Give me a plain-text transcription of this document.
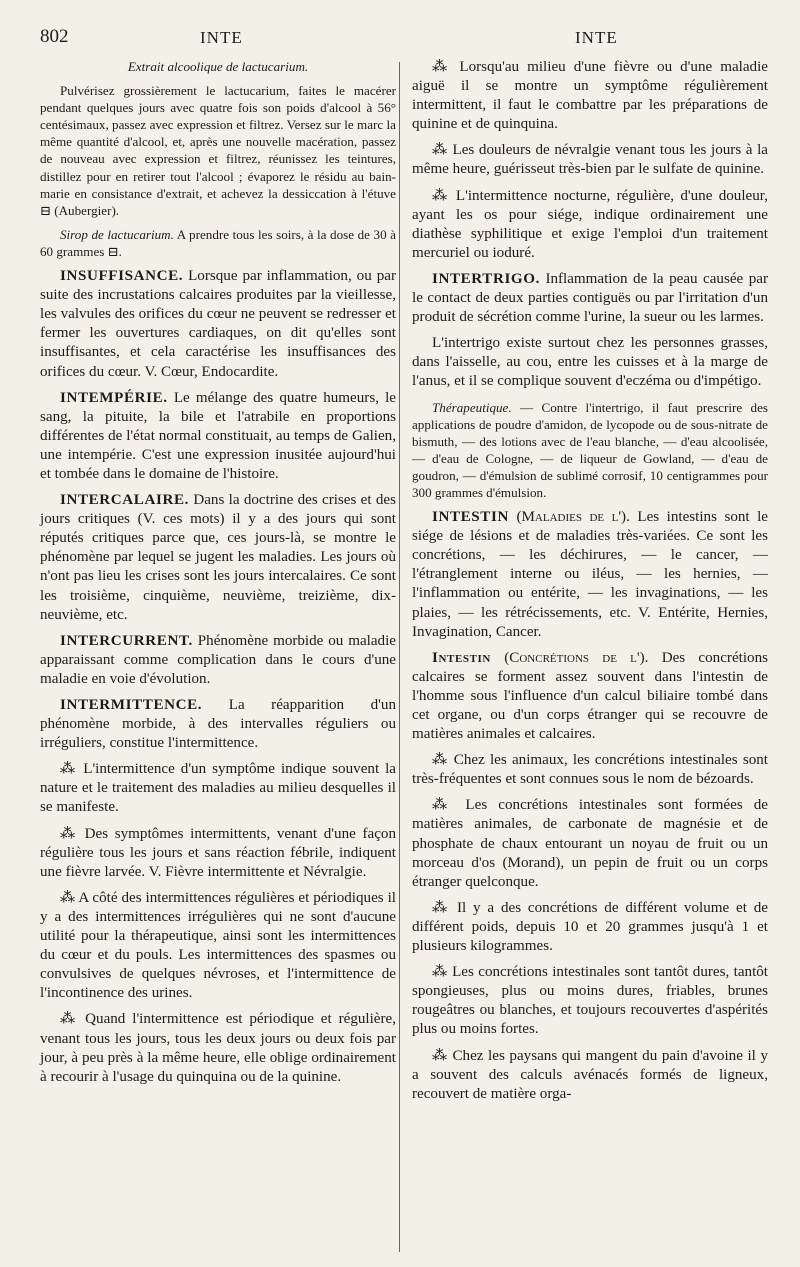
802	INTE	INTE

Extrait alcoolique de lactucarium.

Pulvérisez grossièrement le lactucarium, faites le macérer pendant quelques jours avec quatre fois son poids d'alcool à 56° centésimaux, passez avec expression et filtrez. Versez sur le marc la même quantité d'alcool, et, après une nouvelle macération, passez de nouveau avec expression et filtrez, réunissez les teintures, distillez pour en retirer tout l'alcool ; évaporez le résidu au bain-marie en consistance d'extrait, et achevez la dessiccation à l'étuve ⊟ (Aubergier).

Sirop de lactucarium. A prendre tous les soirs, à la dose de 30 à 60 grammes ⊟.

INSUFFISANCE. Lorsque par inflammation, ou par suite des incrustations calcaires produites par la vieillesse, les valvules des orifices du cœur ne peuvent se redresser et fermer les ouvertures cardiaques, on dit qu'elles sont insuffisantes, et cela caractérise les insuffisances des orifices du cœur. V. Cœur, Endocardite.

INTEMPÉRIE. Le mélange des quatre humeurs, le sang, la pituite, la bile et l'atrabile en proportions différentes de l'état normal constituait, au temps de Galien, une intempérie. C'est une expression inusitée aujourd'hui et tombée dans le domaine de l'histoire.

INTERCALAIRE. Dans la doctrine des crises et des jours critiques (V. ces mots) il y a des jours qui sont réputés critiques parce que, ces jours-là, se montre le phénomène par lequel se jugent les maladies. Les jours où n'ont pas lieu les crises sont les jours intercalaires. Ce sont les troisième, cinquième, neuvième, treizième, dix-neuvième, etc.

INTERCURRENT. Phénomène morbide ou maladie apparaissant comme complication dans le cours d'une maladie en voie d'évolution.

INTERMITTENCE. La réapparition d'un phénomène morbide, à des intervalles réguliers ou irréguliers, constitue l'intermittence.

⁂ L'intermittence d'un symptôme indique souvent la nature et le traitement des maladies au milieu desquelles il se manifeste.

⁂ Des symptômes intermittents, venant d'une façon régulière tous les jours et sans réaction fébrile, indiquent une fièvre larvée. V. Fièvre intermittente et Névralgie.

⁂ A côté des intermittences régulières et périodiques il y a des intermittences irrégulières qui ne sont d'aucune utilité pour la thérapeutique, ainsi sont les intermittences du cœur et du pouls. Les intermittences des spasmes ou convulsives de quelques névroses, et l'intermittence de l'incontinence des urines.

⁂ Quand l'intermittence est périodique et régulière, venant tous les jours, tous les deux jours ou deux fois par jour, à peu près à la même heure, elle oblige ordinairement à recourir à l'usage du quinquina ou de la quinine.

⁂ Lorsqu'au milieu d'une fièvre ou d'une maladie aiguë il se montre un symptôme régulièrement intermittent, il faut le combattre par les préparations de quinine et de quinquina.

⁂ Les douleurs de névralgie venant tous les jours à la même heure, guérisseut très-bien par le sulfate de quinine.

⁂ L'intermittence nocturne, régulière, d'une douleur, ayant les os pour siége, indique ordinairement une diathèse syphilitique et exige l'emploi d'un traitement mercuriel ou ioduré.

INTERTRIGO. Inflammation de la peau causée par le contact de deux parties contiguës ou par l'irritation d'un produit de sécrétion comme l'urine, la sueur ou les larmes.

L'intertrigo existe surtout chez les personnes grasses, dans l'aisselle, au cou, entre les cuisses et à la marge de l'anus, et il se complique souvent d'eczéma ou d'impétigo.

Thérapeutique. — Contre l'intertrigo, il faut prescrire des applications de poudre d'amidon, de lycopode ou de sous-nitrate de bismuth, — des lotions avec de l'eau blanche, — d'eau alcoolisée, — d'eau de Cologne, — de liqueur de Gowland, — d'eau de goudron, — d'émulsion de sublimé corrosif, 10 centigrammes pour 300 grammes d'émulsion.

INTESTIN (Maladies de l'). Les intestins sont le siége de lésions et de maladies très-variées. Ce sont les concrétions, — les déchirures, — le cancer, — l'étranglement interne ou iléus, — les hernies, — l'inflammation ou entérite, — les invaginations, — les plaies, — les rétrécissements, etc. V. Entérite, Hernies, Invagination, Cancer.

Intestin (Concrétions de l'). Des concrétions calcaires se forment assez souvent dans l'intestin de l'homme sous l'influence d'un calcul biliaire tombé dans cet organe, ou d'un corps étranger qui se recouvre de matières animales et calcaires.

⁂ Chez les animaux, les concrétions intestinales sont très-fréquentes et sont connues sous le nom de bézoards.

⁂ Les concrétions intestinales sont formées de matières animales, de carbonate de magnésie et de phosphate de chaux entourant un noyau de fruit ou un morceau d'os (Morand), un pepin de fruit ou un corps étranger quelconque.

⁂ Il y a des concrétions de différent volume et de différent poids, depuis 10 et 20 grammes jusqu'à 1 et plusieurs kilogrammes.

⁂ Les concrétions intestinales sont tantôt dures, tantôt spongieuses, plus ou moins dures, friables, brunes rougeâtres ou blanches, et toujours recouvertes d'aspérités plus ou moins fortes.

⁂ Chez les paysans qui mangent du pain d'avoine il y a souvent des calculs avénacés formés de ligneux, recouvert de matière orga-
